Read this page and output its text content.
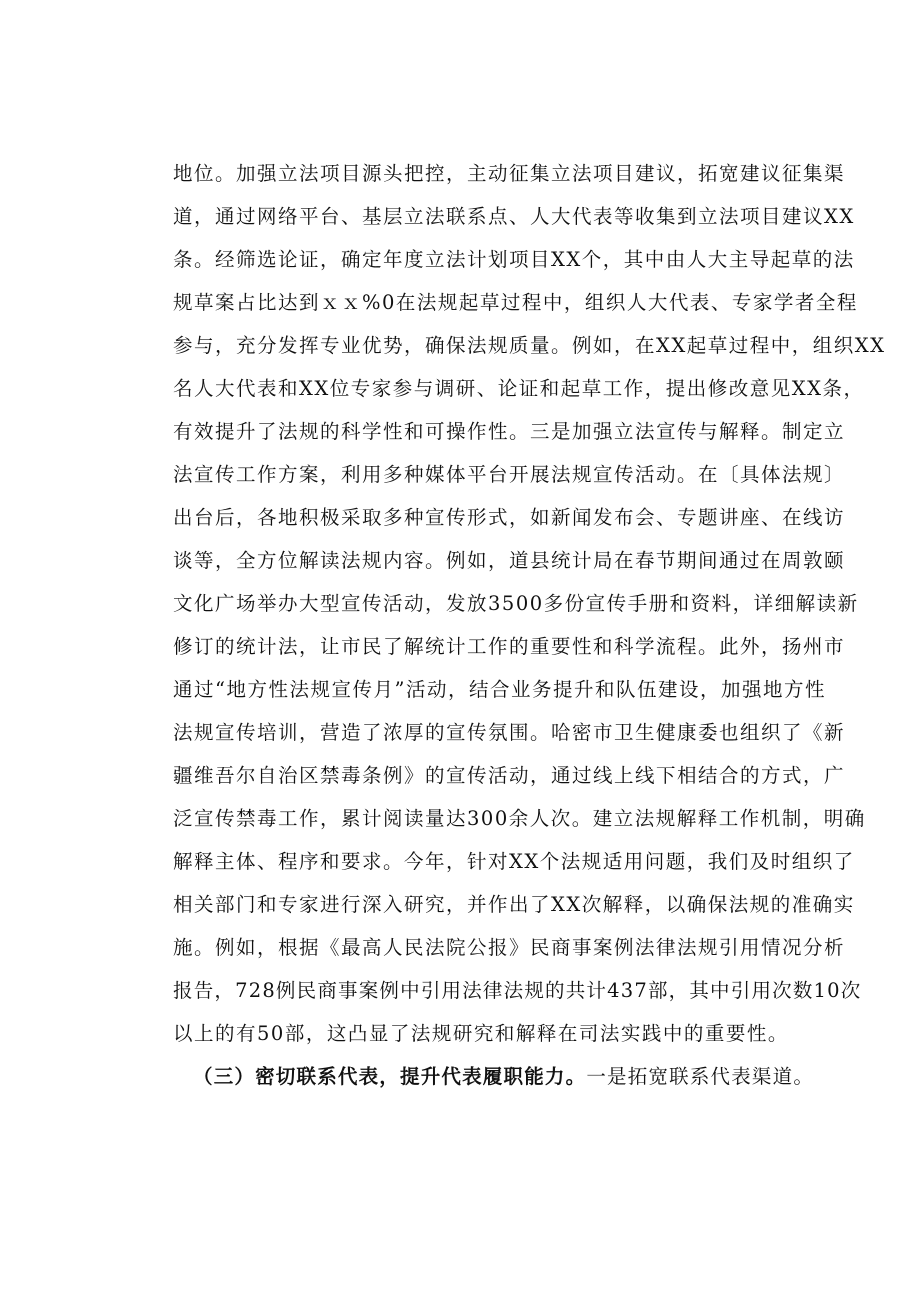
地位。加强立法项目源头把控，主动征集立法项目建议，拓宽建议征集渠
道，通过网络平台、基层立法联系点、人大代表等收集到立法项目建议XX
条。经筛选论证，确定年度立法计划项目XX个，其中由人大主导起草的法
规草案占比达到ｘｘ%0在法规起草过程中，组织人大代表、专家学者全程
参与，充分发挥专业优势，确保法规质量。例如，在XX起草过程中，组织XX
名人大代表和XX位专家参与调研、论证和起草工作，提出修改意见XX条，
有效提升了法规的科学性和可操作性。三是加强立法宣传与解释。制定立
法宣传工作方案，利用多种媒体平台开展法规宣传活动。在〔具体法规〕
出台后，各地积极采取多种宣传形式，如新闻发布会、专题讲座、在线访
谈等，全方位解读法规内容。例如，道县统计局在春节期间通过在周敦颐
文化广场举办大型宣传活动，发放3500多份宣传手册和资料，详细解读新
修订的统计法，让市民了解统计工作的重要性和科学流程。此外，扬州市
通过“地方性法规宣传月”活动，结合业务提升和队伍建设，加强地方性
法规宣传培训，营造了浓厚的宣传氛围。哈密市卫生健康委也组织了《新
疆维吾尔自治区禁毒条例》的宣传活动，通过线上线下相结合的方式，广
泛宣传禁毒工作，累计阅读量达300余人次。建立法规解释工作机制，明确
解释主体、程序和要求。今年，针对XX个法规适用问题，我们及时组织了
相关部门和专家进行深入研究，并作出了XX次解释，以确保法规的准确实
施。例如，根据《最高人民法院公报》民商事案例法律法规引用情况分析
报告，728例民商事案例中引用法律法规的共计437部，其中引用次数10次
以上的有50部，这凸显了法规研究和解释在司法实践中的重要性。
（三）密切联系代表，提升代表履职能力。一是拓宽联系代表渠道。
